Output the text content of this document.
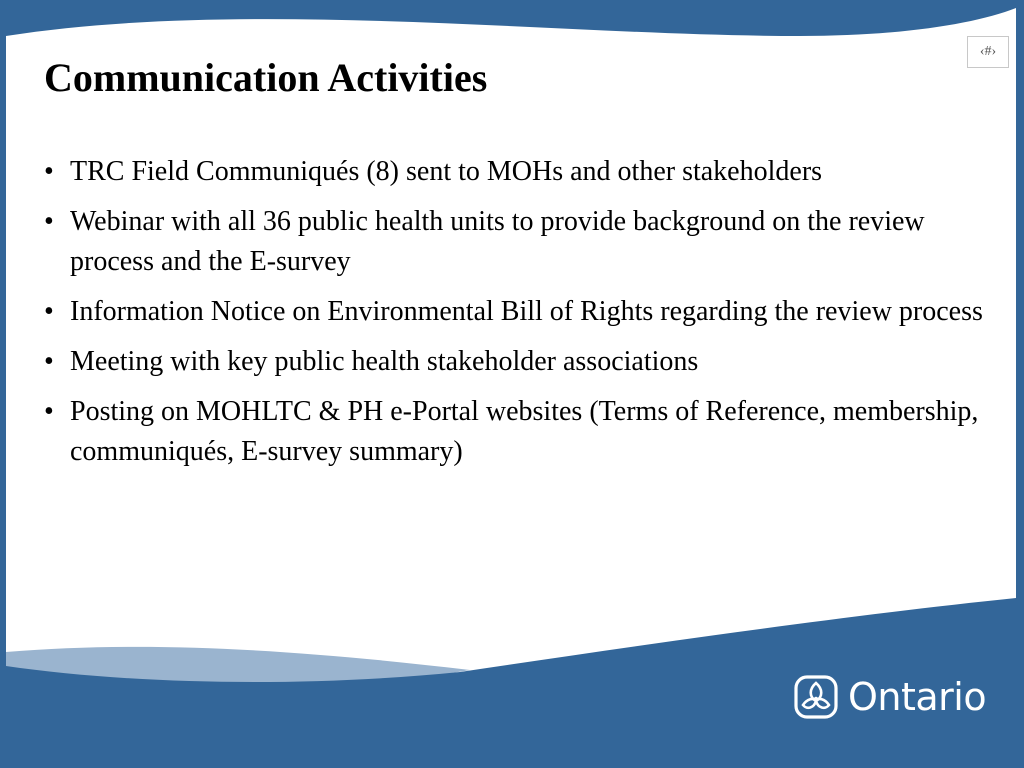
Communication Activities
‹#›
• TRC Field Communiqués (8) sent to MOHs and other stakeholders
• Webinar with all 36 public health units to provide background on the review process and the E-survey
• Information Notice on Environmental Bill of Rights regarding the review process
• Meeting with key public health stakeholder associations
• Posting on MOHLTC & PH e-Portal websites (Terms of Reference, membership, communiqués, E-survey summary)
Ontario
